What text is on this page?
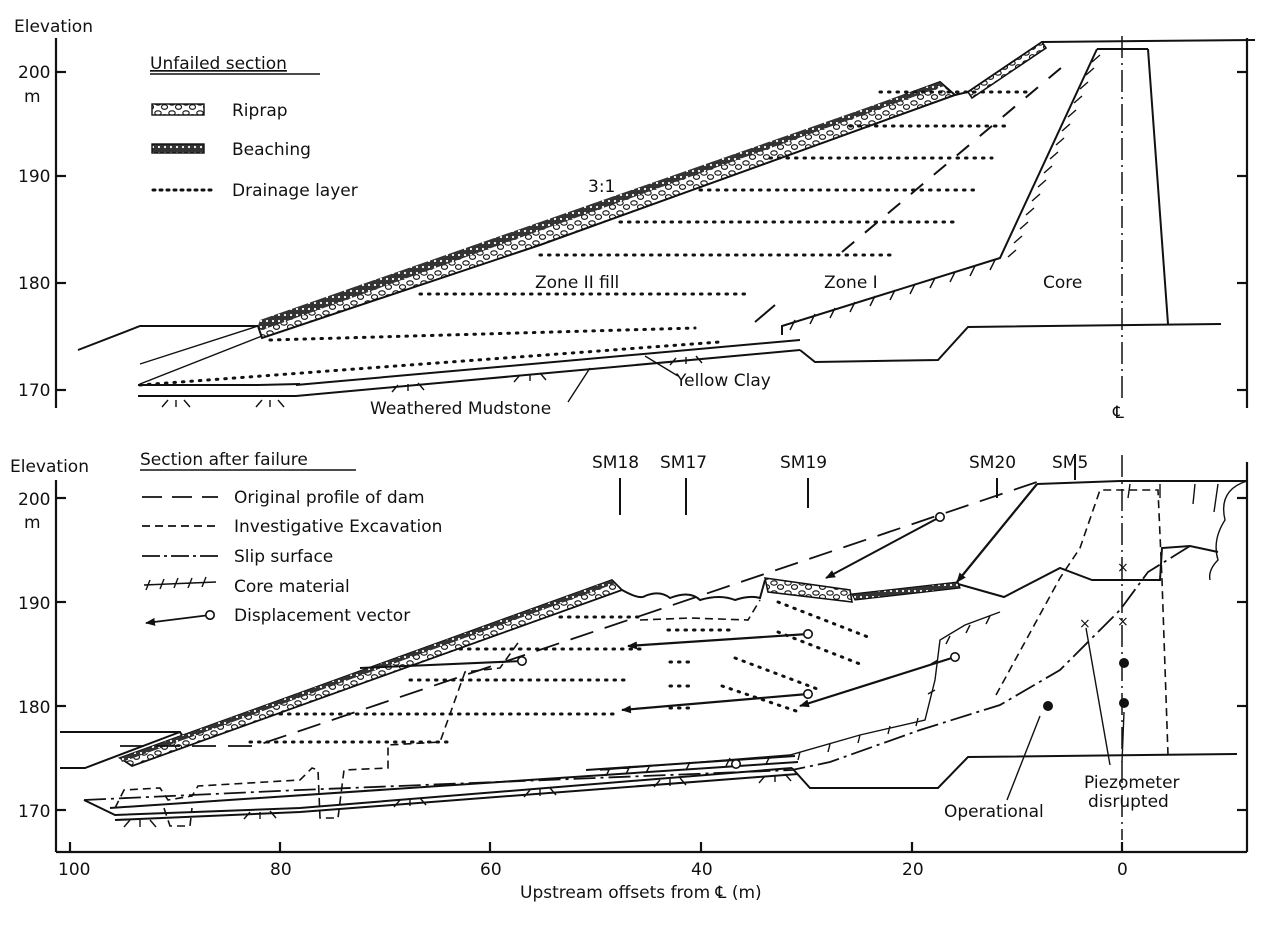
Elevation
200
m
190
180
170
Unfailed section
Riprap
Beaching
Drainage layer
℄
3:1
Zone II fill	Zone I	Core
Yellow Clay
Weathered Mudstone
Elevation
200
m
190
180
170
100	80	60	40	20	0
Upstream offsets from ℄ (m)
Section after failure
Original profile of dam
Investigative Excavation
Slip surface
Core material
Displacement vector
SM18 SM17	SM19	SM20 SM5
×
×
×
Operational
Piezometer disrupted
